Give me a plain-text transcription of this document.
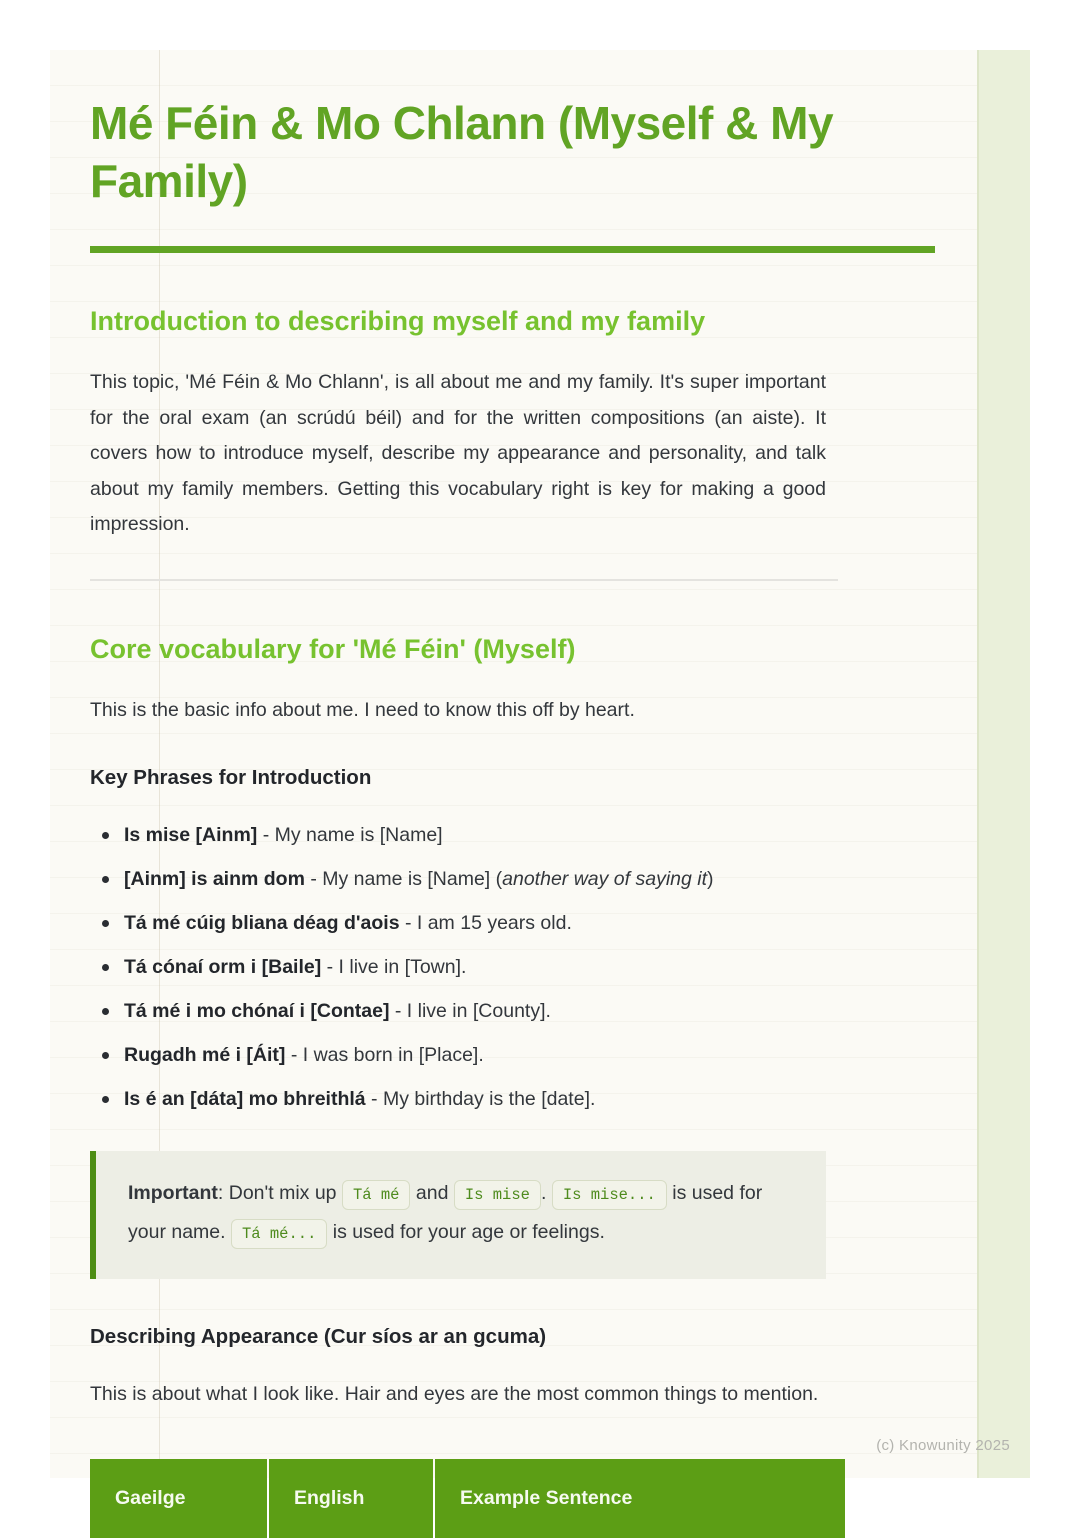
Mé Féin & Mo Chlann (Myself & My Family)
Introduction to describing myself and my family

This topic, 'Mé Féin & Mo Chlann', is all about me and my family. It's super important for the oral exam (an scrúdú béil) and for the written compositions (an aiste). It covers how to introduce myself, describe my appearance and personality, and talk about my family members. Getting this vocabulary right is key for making a good impression.

Core vocabulary for 'Mé Féin' (Myself)

This is the basic info about me. I need to know this off by heart.

Key Phrases for Introduction
Is mise [Ainm] - My name is [Name]
[Ainm] is ainm dom - My name is [Name] (another way of saying it)
Tá mé cúig bliana déag d'aois - I am 15 years old.
Tá cónaí orm i [Baile] - I live in [Town].
Tá mé i mo chónaí i [Contae] - I live in [County].
Rugadh mé i [Áit] - I was born in [Place].
Is é an [dáta] mo bhreithlá - My birthday is the [date].

Important: Don't mix up Tá mé and Is mise . Is mise... is used for your name. Tá mé... is used for your age or feelings.

Describing Appearance (Cur síos ar an gcuma)

This is about what I look like. Hair and eyes are the most common things to mention.

Gaeilge	English	Example Sentence
(c) Knowunity 2025
